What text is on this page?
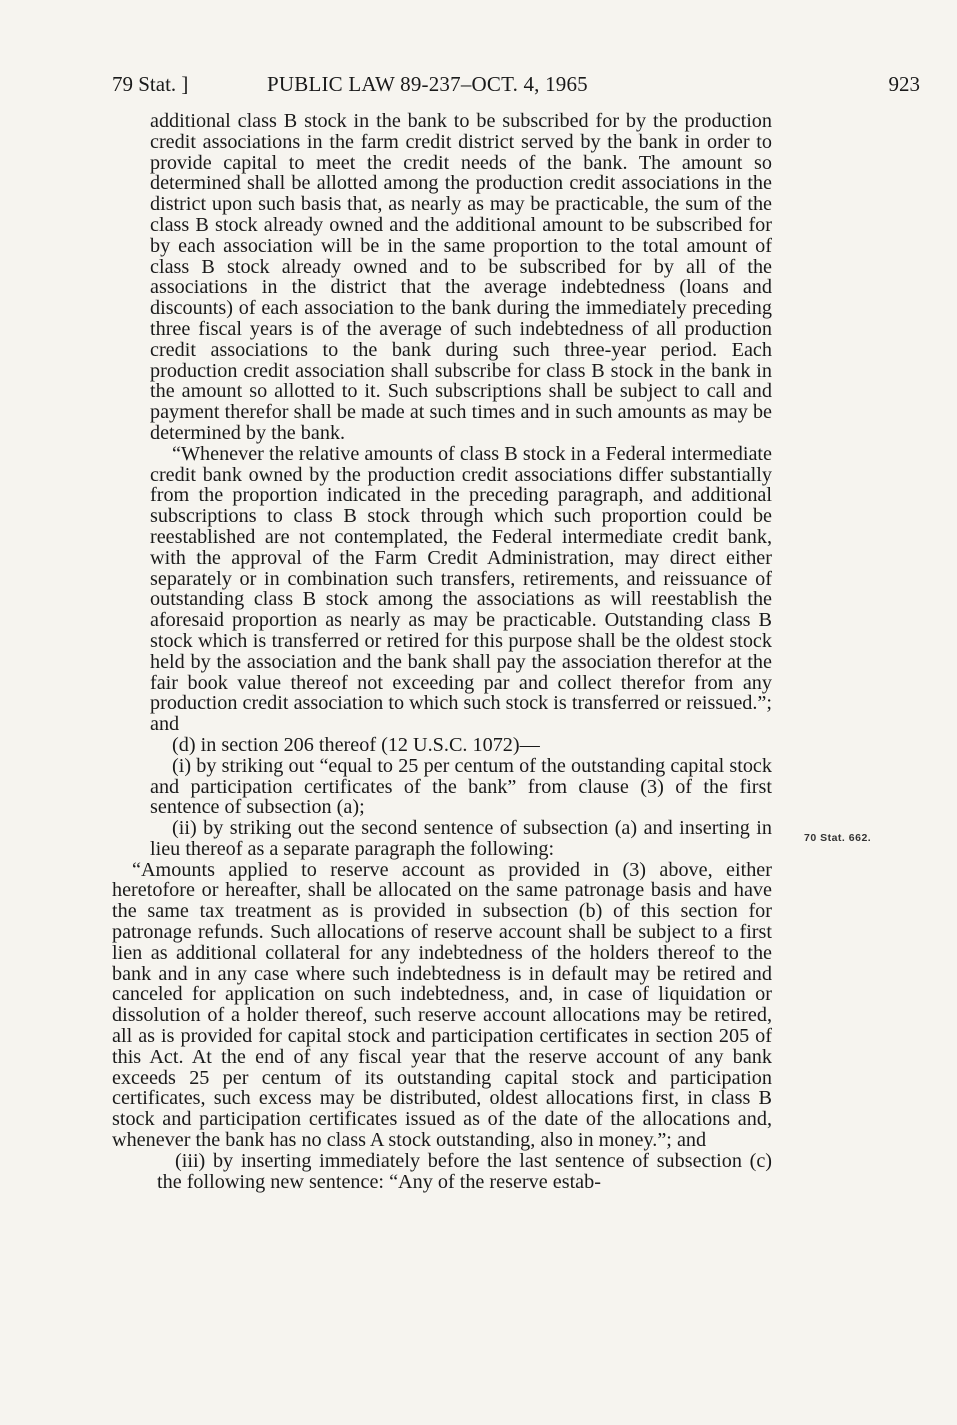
79 Stat. ]	PUBLIC LAW 89-237–OCT. 4, 1965	923

additional class B stock in the bank to be subscribed for by the production credit associations in the farm credit district served by the bank in order to provide capital to meet the credit needs of the bank. The amount so determined shall be allotted among the production credit associations in the district upon such basis that, as nearly as may be practicable, the sum of the class B stock already owned and the additional amount to be subscribed for by each association will be in the same proportion to the total amount of class B stock already owned and to be subscribed for by all of the associations in the district that the average indebtedness (loans and discounts) of each association to the bank during the immediately preceding three fiscal years is of the average of such indebtedness of all production credit associations to the bank during such three-year period. Each production credit association shall subscribe for class B stock in the bank in the amount so allotted to it. Such subscriptions shall be subject to call and payment therefor shall be made at such times and in such amounts as may be determined by the bank.

“Whenever the relative amounts of class B stock in a Federal intermediate credit bank owned by the production credit associations differ substantially from the proportion indicated in the preceding paragraph, and additional subscriptions to class B stock through which such proportion could be reestablished are not contemplated, the Federal intermediate credit bank, with the approval of the Farm Credit Administration, may direct either separately or in combination such transfers, retirements, and reissuance of outstanding class B stock among the associations as will reestablish the aforesaid proportion as nearly as may be practicable. Outstanding class B stock which is transferred or retired for this purpose shall be the oldest stock held by the association and the bank shall pay the association therefor at the fair book value thereof not exceeding par and collect therefor from any production credit association to which such stock is transferred or reissued.”; and

(d) in section 206 thereof (12 U.S.C. 1072)—

(i) by striking out “equal to 25 per centum of the outstanding capital stock and participation certificates of the bank” from clause (3) of the first sentence of subsection (a);

(ii) by striking out the second sentence of subsection (a) and inserting in lieu thereof as a separate paragraph the following:

“Amounts applied to reserve account as provided in (3) above, either heretofore or hereafter, shall be allocated on the same patronage basis and have the same tax treatment as is provided in subsection (b) of this section for patronage refunds. Such allocations of reserve account shall be subject to a first lien as additional collateral for any indebtedness of the holders thereof to the bank and in any case where such indebtedness is in default may be retired and canceled for application on such indebtedness, and, in case of liquidation or dissolution of a holder thereof, such reserve account allocations may be retired, all as is provided for capital stock and participation certificates in section 205 of this Act. At the end of any fiscal year that the reserve account of any bank exceeds 25 per centum of its outstanding capital stock and participation certificates, such excess may be distributed, oldest allocations first, in class B stock and participation certificates issued as of the date of the allocations and, whenever the bank has no class A stock outstanding, also in money.”; and

(iii) by inserting immediately before the last sentence of subsection (c) the following new sentence: “Any of the reserve estab-

70 Stat. 662.
